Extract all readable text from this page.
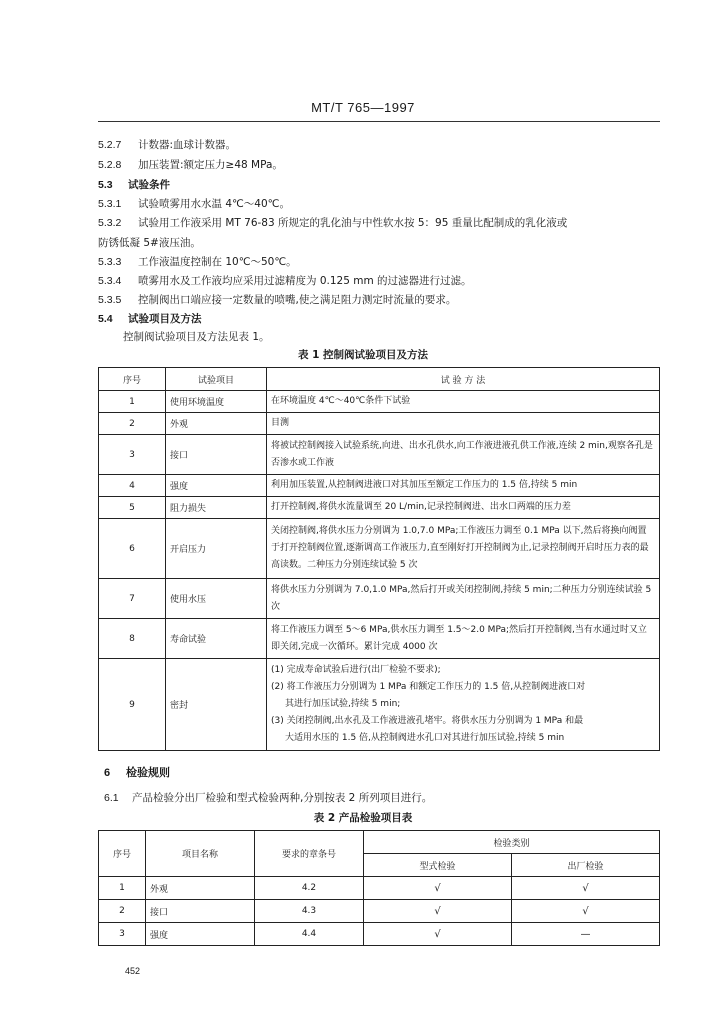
MT/T 765—1997
5.2.7 计数器:血球计数器。
5.2.8 加压装置:额定压力≥48 MPa。
5.3 试验条件
5.3.1 试验喷雾用水水温 4℃～40℃。
5.3.2 试验用工作液采用 MT 76-83 所规定的乳化油与中性软水按 5：95 重量比配制成的乳化液或
防锈低凝 5#液压油。
5.3.3 工作液温度控制在 10℃～50℃。
5.3.4 喷雾用水及工作液均应采用过滤精度为 0.125 mm 的过滤器进行过滤。
5.3.5 控制阀出口端应接一定数量的喷嘴,使之满足阻力测定时流量的要求。
5.4 试验项目及方法
控制阀试验项目及方法见表 1。
表 1 控制阀试验项目及方法
序号	试验项目	试 验 方 法
1	使用环境温度	在环境温度 4℃～40℃条件下试验
2	外观	目测
3	接口	将被试控制阀接入试验系统,向进、出水孔供水,向工作液进液孔供工作液,连续 2 min,观察各孔是否渗水或工作液
4	强度	利用加压装置,从控制阀进液口对其加压至额定工作压力的 1.5 倍,持续 5 min
5	阻力损失	打开控制阀,将供水流量调至 20 L/min,记录控制阀进、出水口两端的压力差
6	开启压力	关闭控制阀,将供水压力分别调为 1.0,7.0 MPa;工作液压力调至 0.1 MPa 以下,然后将换向阀置于打开控制阀位置,逐渐调高工作液压力,直至刚好打开控制阀为止,记录控制阀开启时压力表的最高读数。二种压力分别连续试验 5 次
7	使用水压	将供水压力分别调为 7.0,1.0 MPa,然后打开或关闭控制阀,持续 5 min;二种压力分别连续试验 5 次
8	寿命试验	将工作液压力调至 5～6 MPa,供水压力调至 1.5～2.0 MPa;然后打开控制阀,当有水通过时又立即关闭,完成一次循环。累计完成 4000 次
9	密封	(1) 完成寿命试验后进行(出厂检验不要求);
(2) 将工作液压力分别调为 1 MPa 和额定工作压力的 1.5 倍,从控制阀进液口对
其进行加压试验,持续 5 min;
(3) 关闭控制阀,出水孔及工作液进液孔堵牢。将供水压力分别调为 1 MPa 和最
大适用水压的 1.5 倍,从控制阀进水孔口对其进行加压试验,持续 5 min
6 检验规则
6.1 产品检验分出厂检验和型式检验两种,分别按表 2 所列项目进行。
表 2 产品检验项目表
序号	项目名称	要求的章条号	检验类别	
			型式检验	出厂检验
1	外观	4.2	√	√
2	接口	4.3	√	√
3	强度	4.4	√	—
452
